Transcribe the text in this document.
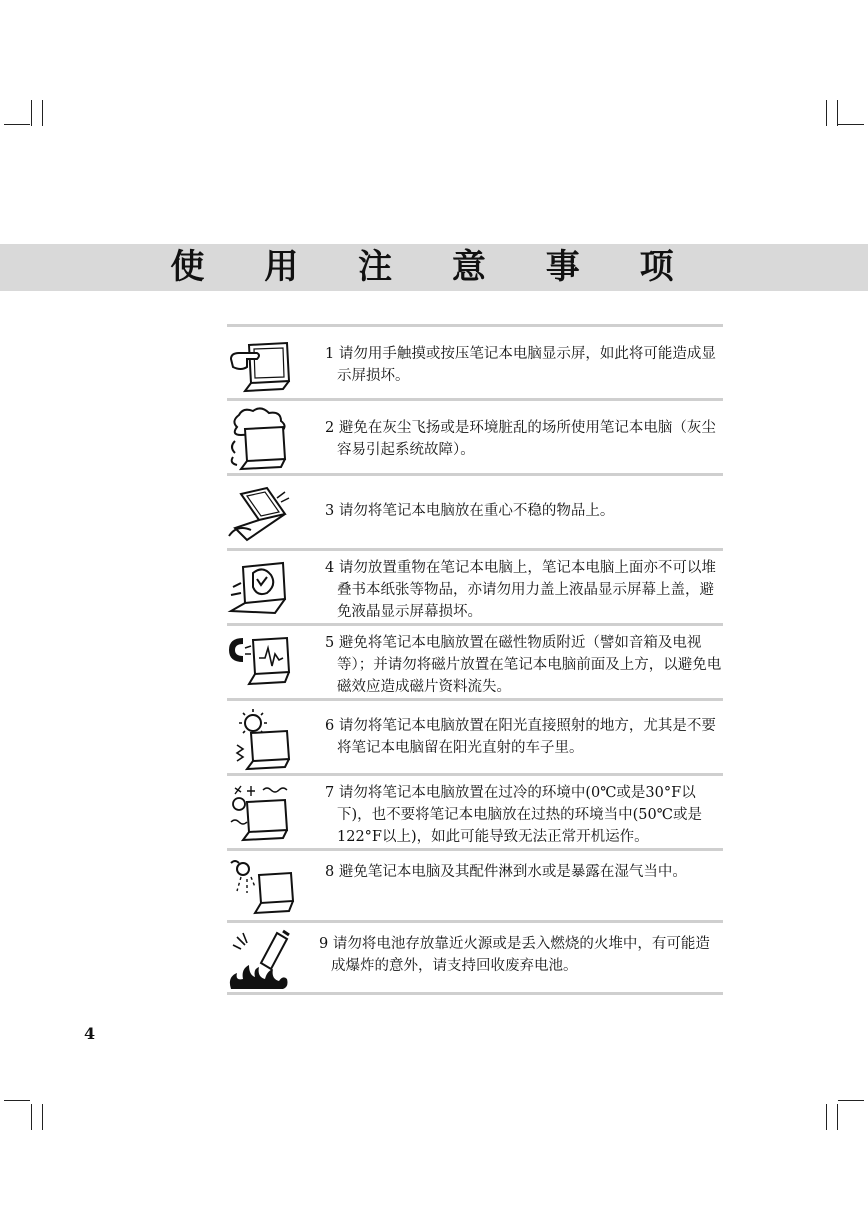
使 用 注 意 事 项
1 请勿用手触摸或按压笔记本电脑显示屏，如此将可能造成显示屏损坏。
2 避免在灰尘飞扬或是环境脏乱的场所使用笔记本电脑（灰尘容易引起系统故障）。
3 请勿将笔记本电脑放在重心不稳的物品上。
4 请勿放置重物在笔记本电脑上，笔记本电脑上面亦不可以堆叠书本纸张等物品，亦请勿用力盖上液晶显示屏幕上盖，避免液晶显示屏幕损坏。
5 避免将笔记本电脑放置在磁性物质附近（譬如音箱及电视等）；并请勿将磁片放置在笔记本电脑前面及上方，以避免电磁效应造成磁片资料流失。
6 请勿将笔记本电脑放置在阳光直接照射的地方，尤其是不要将笔记本电脑留在阳光直射的车子里。
7 请勿将笔记本电脑放置在过冷的环境中(0℃或是30°F以下)，也不要将笔记本电脑放在过热的环境当中(50℃或是122°F以上)，如此可能导致无法正常开机运作。
8 避免笔记本电脑及其配件淋到水或是暴露在湿气当中。
9 请勿将电池存放靠近火源或是丢入燃烧的火堆中，有可能造成爆炸的意外，请支持回收废弃电池。
4
